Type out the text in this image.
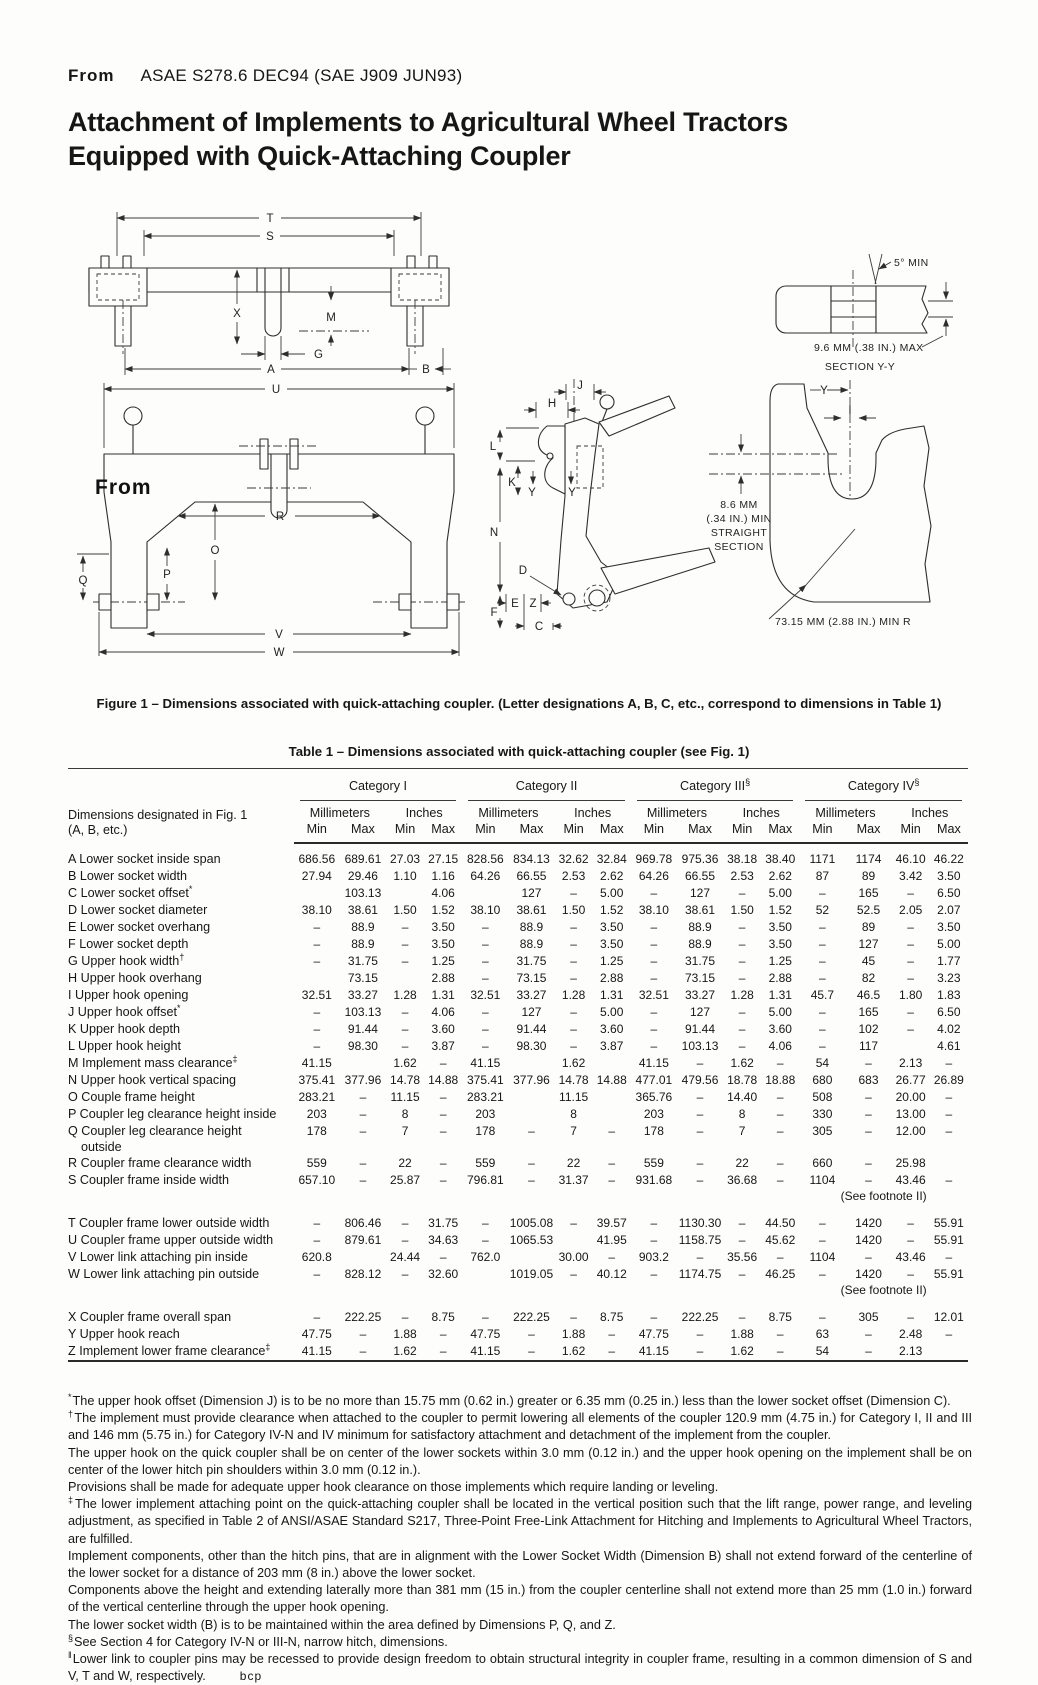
From ASAE S278.6 DEC94 (SAE J909 JUN93)
Attachment of Implements to Agricultural Wheel Tractors
Equipped with Quick-Attaching Coupler
T
S
X	M
G
A	B
5° MIN
9.6 MM (.38 IN.) MAX
SECTION Y-Y
U
R
O
P
Q
V
W
From
J
H
L
K
Y	Y
N
D
F
E Z
C
Y
I
8.6 MM
(.34 IN.) MIN
STRAIGHT
SECTION
73.15 MM (2.88 IN.) MIN R
Figure 1 – Dimensions associated with quick-attaching coupler. (Letter designations A, B, C, etc., correspond to dimensions in Table 1)
Table 1 – Dimensions associated with quick-attaching coupler (see Fig. 1)
Dimensions designated in Fig. 1
(A, B, etc.)	Category I				Category II				Category III§				Category IV§

	Millimeters		Inches		Millimeters		Inches		Millimeters		Inches		Millimeters		Inches	
	Min	Max	Min	Max	Min	Max	Min	Max	Min	Max	Min	Max	Min	Max	Min	Max
A Lower socket inside span	686.56	689.61	27.03	27.15	828.56	834.13	32.62	32.84	969.78	975.36	38.18	38.40	1171	1174	46.10	46.22
B Lower socket width	27.94	29.46	1.10	1.16	64.26	66.55	2.53	2.62	64.26	66.55	2.53	2.62	87	89	3.42	3.50
C Lower socket offset*		103.13		4.06		127	–	5.00	–	127	–	5.00	–	165	–	6.50
D Lower socket diameter	38.10	38.61	1.50	1.52	38.10	38.61	1.50	1.52	38.10	38.61	1.50	1.52	52	52.5	2.05	2.07
E Lower socket overhang	–	88.9	–	3.50	–	88.9	–	3.50	–	88.9	–	3.50	–	89	–	3.50
F Lower socket depth	–	88.9	–	3.50	–	88.9	–	3.50	–	88.9	–	3.50	–	127	–	5.00
G Upper hook width†	–	31.75	–	1.25	–	31.75	–	1.25	–	31.75	–	1.25	–	45	–	1.77
H Upper hook overhang		73.15		2.88	–	73.15	–	2.88	–	73.15	–	2.88	–	82	–	3.23
I Upper hook opening	32.51	33.27	1.28	1.31	32.51	33.27	1.28	1.31	32.51	33.27	1.28	1.31	45.7	46.5	1.80	1.83
J Upper hook offset*	–	103.13	–	4.06	–	127	–	5.00	–	127	–	5.00	–	165	–	6.50
K Upper hook depth	–	91.44	–	3.60	–	91.44	–	3.60	–	91.44	–	3.60	–	102	–	4.02
L Upper hook height	–	98.30	–	3.87	–	98.30	–	3.87	–	103.13	–	4.06	–	117		4.61
M Implement mass clearance‡	41.15		1.62	–	41.15		1.62		41.15	–	1.62	–	54	–	2.13	–
N Upper hook vertical spacing	375.41	377.96	14.78	14.88	375.41	377.96	14.78	14.88	477.01	479.56	18.78	18.88	680	683	26.77	26.89
O Couple frame height	283.21	–	11.15	–	283.21		11.15		365.76	–	14.40	–	508	–	20.00	–
P Coupler leg clearance height inside	203	–	8	–	203		8		203	–	8	–	330	–	13.00	–
Q Coupler leg clearance height	178	–	7	–	178	–	7	–	178	–	7	–	305	–	12.00	–
outside																
R Coupler frame clearance width	559	–	22	–	559	–	22	–	559	–	22	–	660	–	25.98	
S Coupler frame inside width	657.10	–	25.87	–	796.81	–	31.37	–	931.68	–	36.68	–	1104	–	43.46	–
													(See footnote II)			

T Coupler frame lower outside width	–	806.46	–	31.75	–	1005.08	–	39.57	–	1130.30	–	44.50	–	1420	–	55.91
U Coupler frame upper outside width	–	879.61	–	34.63	–	1065.53		41.95	–	1158.75	–	45.62	–	1420	–	55.91
V Lower link attaching pin inside	620.8		24.44	–	762.0		30.00	–	903.2	–	35.56	–	1104	–	43.46	–
W Lower link attaching pin outside	–	828.12	–	32.60		1019.05	–	40.12	–	1174.75	–	46.25	–	1420	–	55.91
													(See footnote II)			

X Coupler frame overall span	–	222.25	–	8.75	–	222.25	–	8.75	–	222.25	–	8.75	–	305	–	12.01
Y Upper hook reach	47.75	–	1.88	–	47.75	–	1.88	–	47.75	–	1.88	–	63	–	2.48	–
Z Implement lower frame clearance‡	41.15	–	1.62	–	41.15	–	1.62	–	41.15	–	1.62	–	54	–	2.13	
*The upper hook offset (Dimension J) is to be no more than 15.75 mm (0.62 in.) greater or 6.35 mm (0.25 in.) less than the lower socket offset (Dimension C).
†The implement must provide clearance when attached to the coupler to permit lowering all elements of the coupler 120.9 mm (4.75 in.) for Category I, II and III and 146 mm (5.75 in.) for Category IV-N and IV minimum for satisfactory attachment and detachment of the implement from the coupler.
The upper hook on the quick coupler shall be on center of the lower sockets within 3.0 mm (0.12 in.) and the upper hook opening on the implement shall be on center of the lower hitch pin shoulders within 3.0 mm (0.12 in.).
Provisions shall be made for adequate upper hook clearance on those implements which require landing or leveling.
‡The lower implement attaching point on the quick-attaching coupler shall be located in the vertical position such that the lift range, power range, and leveling adjustment, as specified in Table 2 of ANSI/ASAE Standard S217, Three-Point Free-Link Attachment for Hitching and Implements to Agricultural Wheel Tractors, are fulfilled.
Implement components, other than the hitch pins, that are in alignment with the Lower Socket Width (Dimension B) shall not extend forward of the centerline of the lower socket for a distance of 203 mm (8 in.) above the lower socket.
Components above the height and extending laterally more than 381 mm (15 in.) from the coupler centerline shall not extend more than 25 mm (1.0 in.) forward of the vertical centerline through the upper hook opening.
The lower socket width (B) is to be maintained within the area defined by Dimensions P, Q, and Z.
§See Section 4 for Category IV-N or III-N, narrow hitch, dimensions.
‖Lower link to coupler pins may be recessed to provide design freedom to obtain structural integrity in coupler frame, resulting in a common dimension of S and V, T and W, respectively.	bcp
